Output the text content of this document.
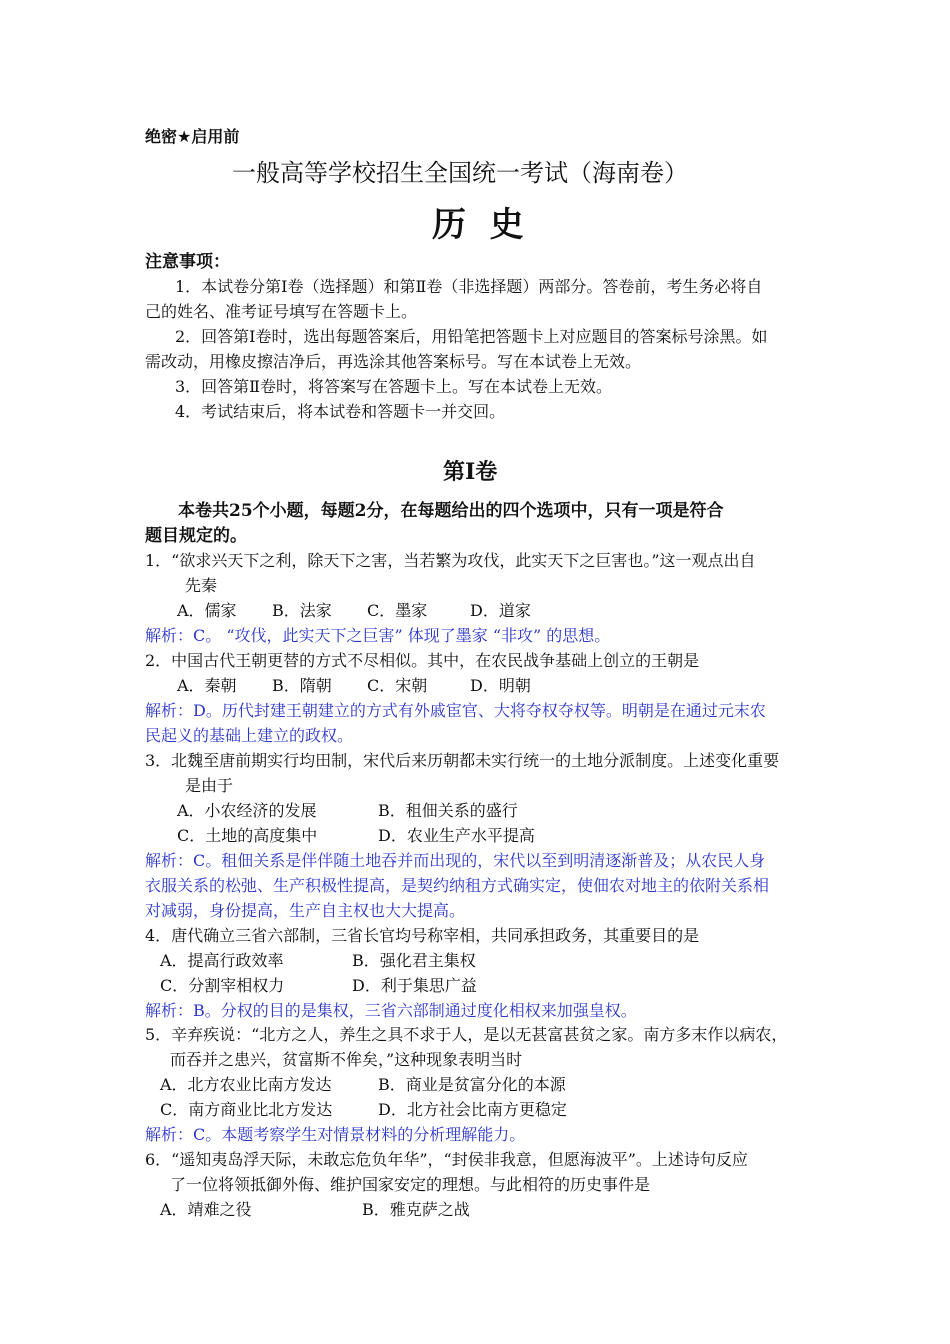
绝密★启用前
一般高等学校招生全国统一考试（海南卷）
历  史
注意事项：
1．本试卷分第Ⅰ卷（选择题）和第Ⅱ卷（非选择题）两部分。答卷前，考生务必将自
己的姓名、准考证号填写在答题卡上。
2．回答第Ⅰ卷时，选出每题答案后，用铅笔把答题卡上对应题目的答案标号涂黑。如
需改动，用橡皮擦洁净后，再选涂其他答案标号。写在本试卷上无效。
3．回答第Ⅱ卷时，将答案写在答题卡上。写在本试卷上无效。
4．考试结束后，将本试卷和答题卡一并交回。
第Ⅰ卷
本卷共25个小题，每题2分，在每题给出的四个选项中，只有一项是符合
题目规定的。
1．“欲求兴天下之利，除天下之害，当若繁为攻伐，此实天下之巨害也。”这一观点出自
先秦
A．儒家 B．法家 C．墨家	D．道家
解析：C。 “攻伐，此实天下之巨害” 体现了墨家 “非攻” 的思想。
2．中国古代王朝更替的方式不尽相似。其中，在农民战争基础上创立的王朝是
A．秦朝 B．隋朝 C．宋朝	D．明朝
解析：D。历代封建王朝建立的方式有外戚宦官、大将夺权夺权等。明朝是在通过元末农
民起义的基础上建立的政权。
3．北魏至唐前期实行均田制，宋代后来历朝都未实行统一的土地分派制度。上述变化重要
是由于
A．小农经济的发展	B．租佃关系的盛行
C．土地的高度集中	D．农业生产水平提高
解析：C。租佃关系是伴伴随土地吞并而出现的，宋代以至到明清逐渐普及；从农民人身
衣服关系的松弛、生产积极性提高，是契约纳租方式确实定，使佃农对地主的依附关系相
对减弱，身份提高，生产自主权也大大提高。
4．唐代确立三省六部制，三省长官均号称宰相，共同承担政务，其重要目的是
A．提高行政效率	B．强化君主集权
C．分割宰相权力	D．利于集思广益
解析：B。分权的目的是集权，三省六部制通过度化相权来加强皇权。
5．辛弃疾说：“北方之人，养生之具不求于人，是以无甚富甚贫之家。南方多末作以病农，
而吞并之患兴，贫富斯不侔矣，”这种现象表明当时
A．北方农业比南方发达	B．商业是贫富分化的本源
C．南方商业比北方发达	D．北方社会比南方更稳定
解析：C。本题考察学生对情景材料的分析理解能力。
6．“遥知夷岛浮天际，未敢忘危负年华”，“封侯非我意，但愿海波平”。上述诗句反应
了一位将领抵御外侮、维护国家安定的理想。与此相符的历史事件是
A．靖难之役	B．雅克萨之战
